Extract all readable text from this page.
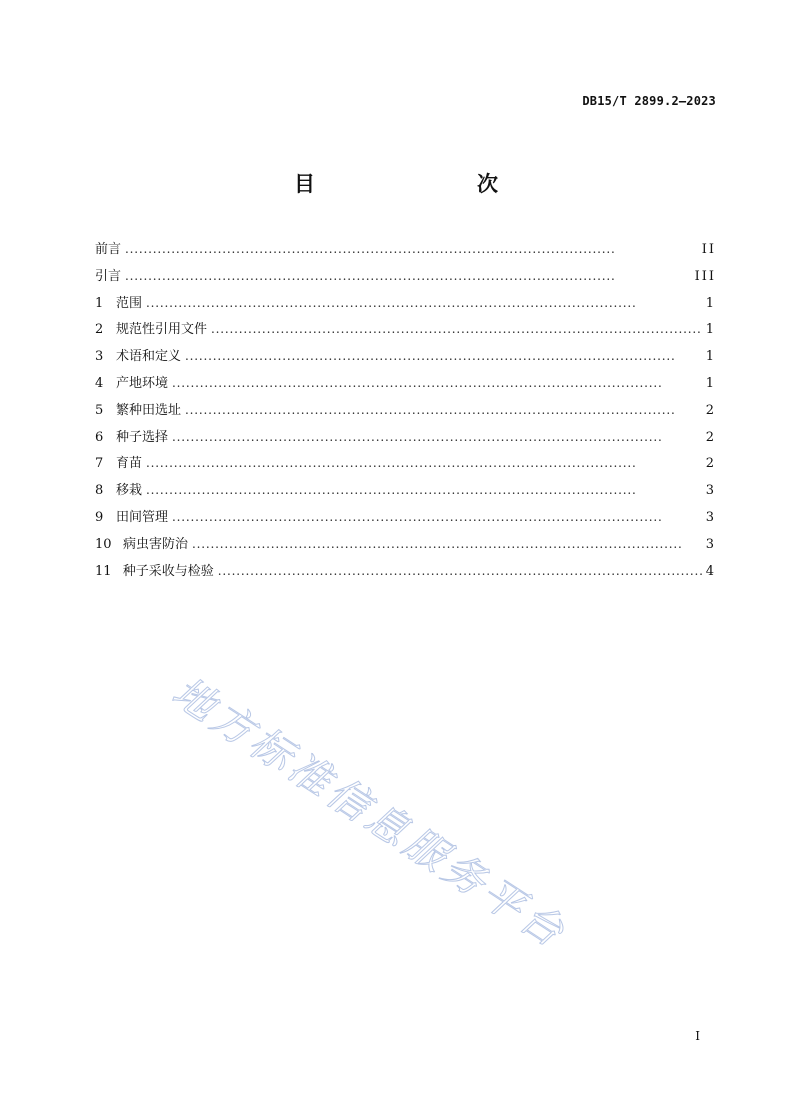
DB15/T 2899.2—2023
目　　次
前言 . . .	II
引言 . . .	III
1 范围 . . .	1
2 规范性引用文件 . . .	1
3 术语和定义 . . .	1
4 产地环境 . . .	1
5 繁种田选址 . . .	2
6 种子选择 . . .	2
7 育苗 . . .	2
8 移栽 . . .	3
9 田间管理 . . .	3
10 病虫害防治 . . .	3
11 种子采收与检验 . . .	4
地方标准信息服务平台
I
